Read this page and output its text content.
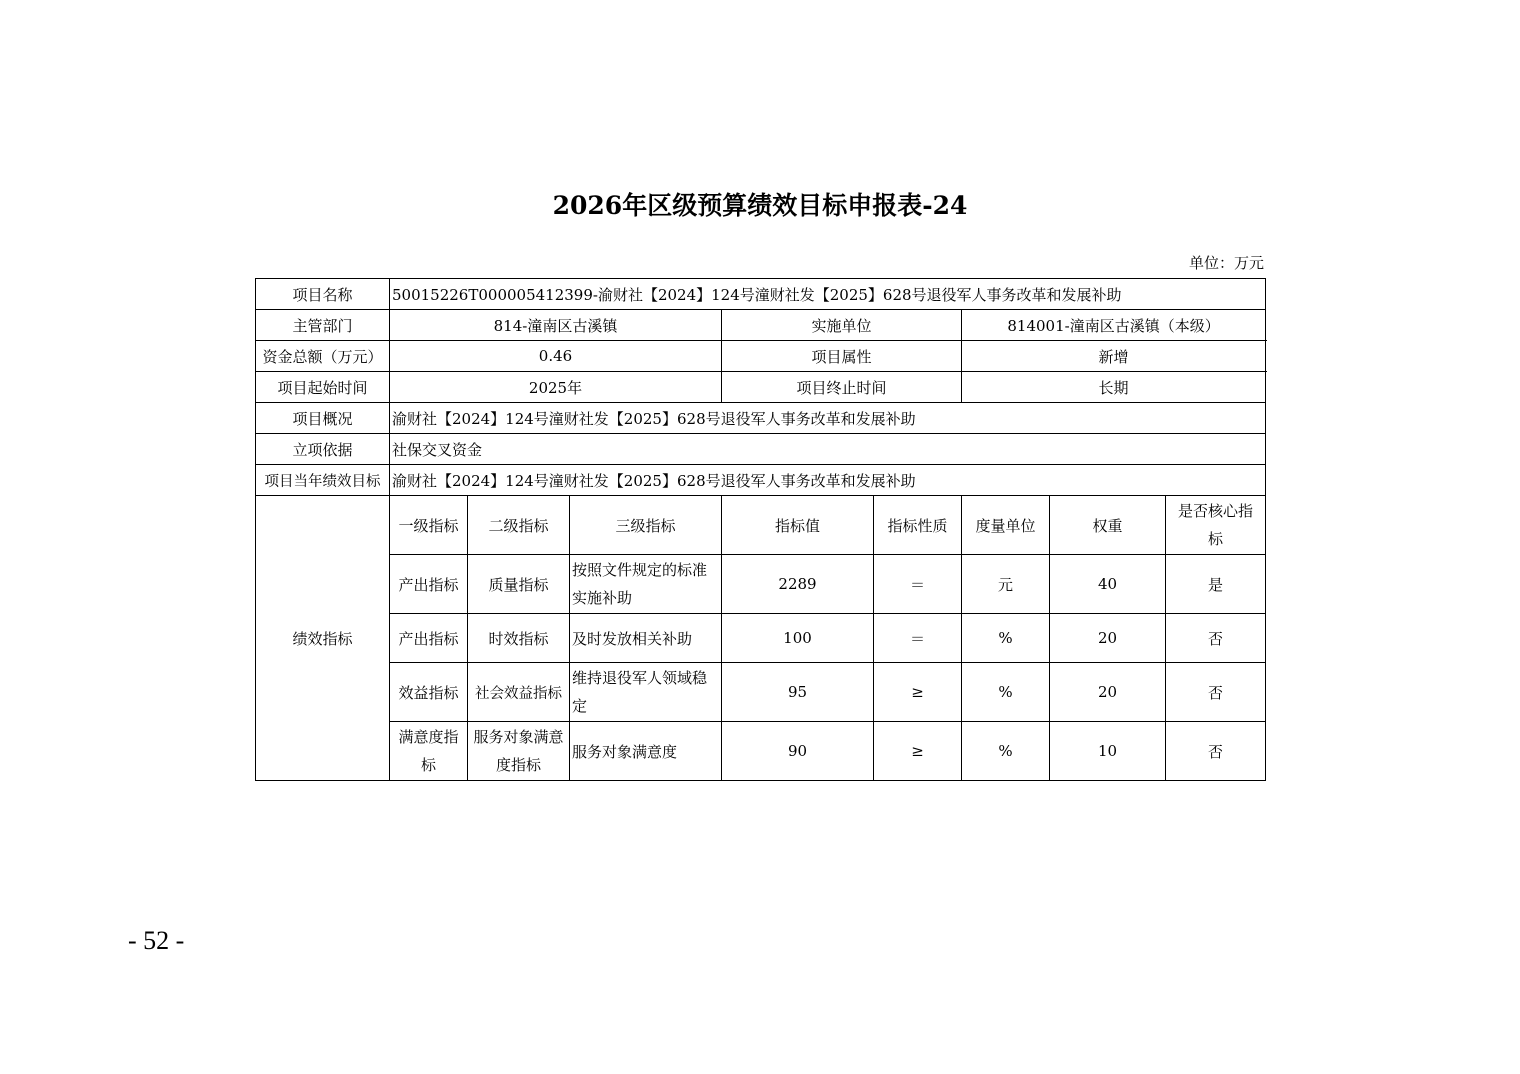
2026年区级预算绩效目标申报表-24
单位：万元
项目名称	50015226T000005412399-渝财社【2024】124号潼财社发【2025】628号退役军人事务改革和发展补助							
主管部门	814-潼南区古溪镇			实施单位		814001-潼南区古溪镇（本级）		
资金总额（万元）	0.46			项目属性		新增		
项目起始时间	2025年			项目终止时间		长期		
项目概况	渝财社【2024】124号潼财社发【2025】628号退役军人事务改革和发展补助							
立项依据	社保交叉资金							
项目当年绩效目标	渝财社【2024】124号潼财社发【2025】628号退役军人事务改革和发展补助							
绩效指标	一级指标	二级指标	三级指标	指标值	指标性质	度量单位	权重	是否核心指标
	产出指标	质量指标	按照文件规定的标准实施补助	2289	＝	元	40	是
	产出指标	时效指标	及时发放相关补助	100	＝	%	20	否
	效益指标	社会效益指标	维持退役军人领域稳定	95	≥	%	20	否
	满意度指标	服务对象满意度指标	服务对象满意度	90	≥	%	10	否
- 52 -
